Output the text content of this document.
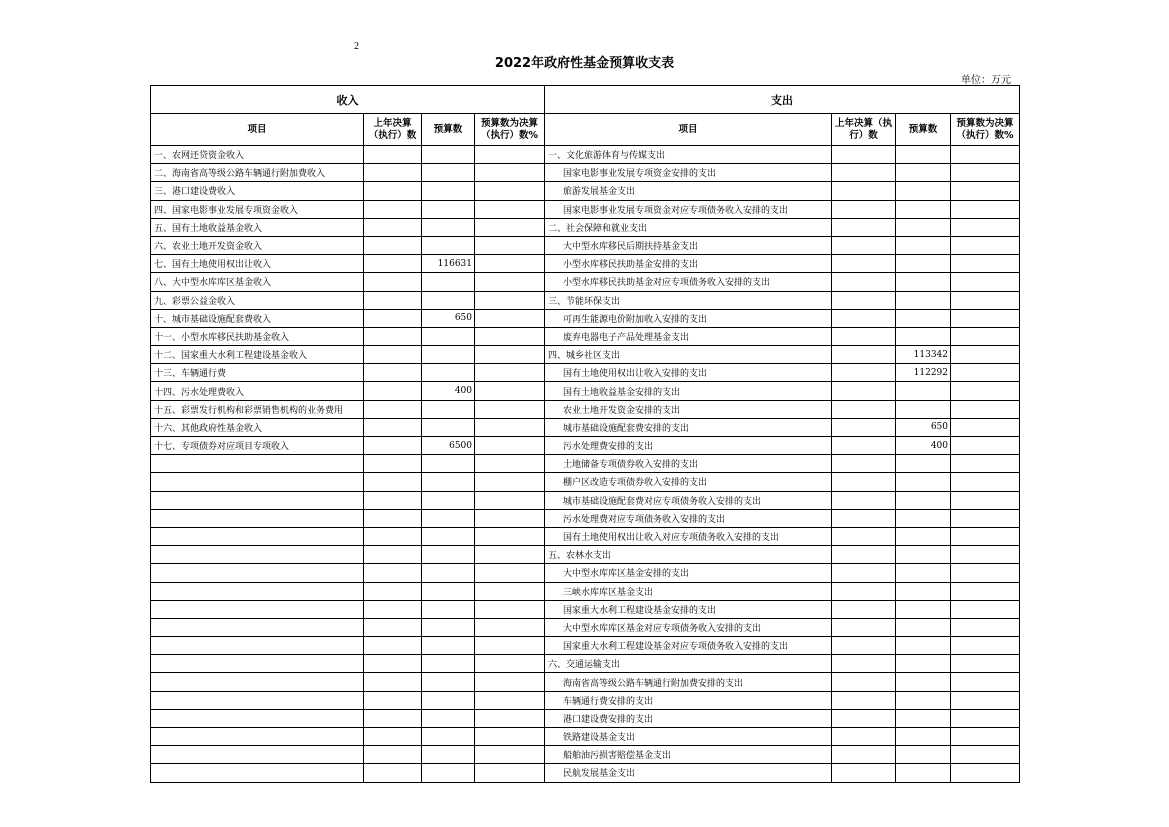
2
2022年政府性基金预算收支表
单位：万元
收入				支出			
项目	上年决算（执行）数	预算数	预算数为决算（执行）数%	项目	上年决算（执行）数	预算数	预算数为决算（执行）数%
一、农网还贷资金收入				一、文化旅游体育与传媒支出			
二、海南省高等级公路车辆通行附加费收入				国家电影事业发展专项资金安排的支出			
三、港口建设费收入				旅游发展基金支出			
四、国家电影事业发展专项资金收入				国家电影事业发展专项资金对应专项债务收入安排的支出			
五、国有土地收益基金收入				二、社会保障和就业支出			
六、农业土地开发资金收入				大中型水库移民后期扶持基金支出			
七、国有土地使用权出让收入		116631		小型水库移民扶助基金安排的支出			
八、大中型水库库区基金收入				小型水库移民扶助基金对应专项债务收入安排的支出			
九、彩票公益金收入				三、节能环保支出			
十、城市基础设施配套费收入		650		可再生能源电价附加收入安排的支出			
十一、小型水库移民扶助基金收入				废弃电器电子产品处理基金支出			
十二、国家重大水利工程建设基金收入				四、城乡社区支出		113342	
十三、车辆通行费				国有土地使用权出让收入安排的支出		112292	
十四、污水处理费收入		400		国有土地收益基金安排的支出			
十五、彩票发行机构和彩票销售机构的业务费用				农业土地开发资金安排的支出			
十六、其他政府性基金收入				城市基础设施配套费安排的支出		650	
十七、专项债券对应项目专项收入		6500		污水处理费安排的支出		400	
				土地储备专项债券收入安排的支出			
				棚户区改造专项债券收入安排的支出			
				城市基础设施配套费对应专项债务收入安排的支出			
				污水处理费对应专项债务收入安排的支出			
				国有土地使用权出让收入对应专项债务收入安排的支出			
				五、农林水支出			
				大中型水库库区基金安排的支出			
				三峡水库库区基金支出			
				国家重大水利工程建设基金安排的支出			
				大中型水库库区基金对应专项债务收入安排的支出			
				国家重大水利工程建设基金对应专项债务收入安排的支出			
				六、交通运输支出			
				海南省高等级公路车辆通行附加费安排的支出			
				车辆通行费安排的支出			
				港口建设费安排的支出			
				铁路建设基金支出			
				船舶油污损害赔偿基金支出			
				民航发展基金支出			
